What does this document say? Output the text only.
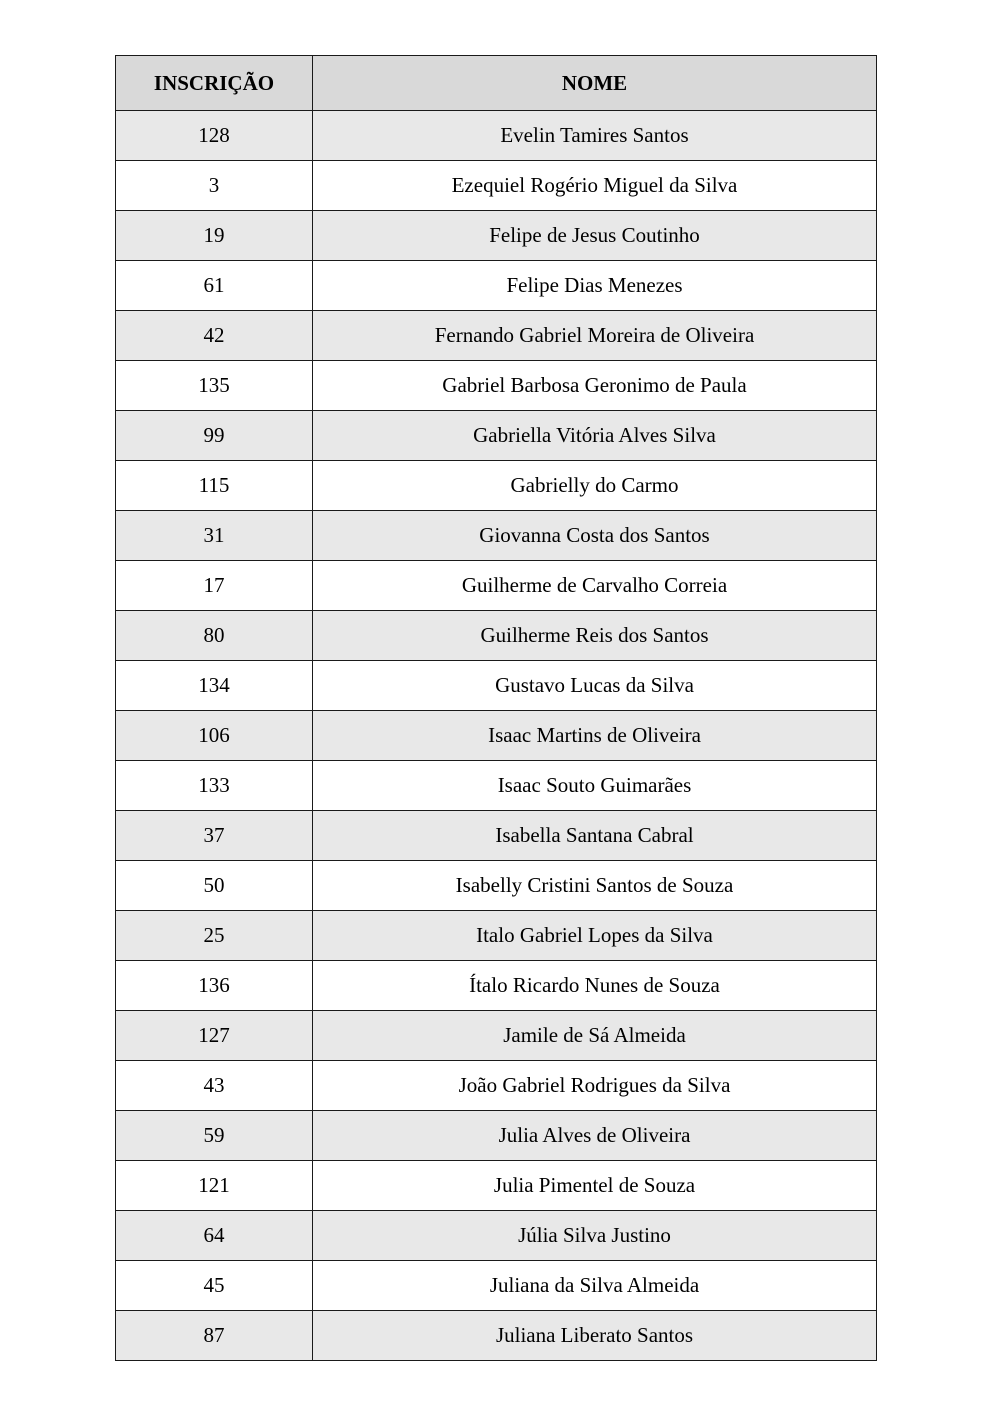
INSCRIÇÃO	NOME
128	Evelin Tamires Santos
3	Ezequiel Rogério Miguel da Silva
19	Felipe de Jesus Coutinho
61	Felipe Dias Menezes
42	Fernando Gabriel Moreira de Oliveira
135	Gabriel Barbosa Geronimo de Paula
99	Gabriella Vitória Alves Silva
115	Gabrielly do Carmo
31	Giovanna Costa dos Santos
17	Guilherme de Carvalho Correia
80	Guilherme Reis dos Santos
134	Gustavo Lucas da Silva
106	Isaac Martins de Oliveira
133	Isaac Souto Guimarães
37	Isabella Santana Cabral
50	Isabelly Cristini Santos de Souza
25	Italo Gabriel Lopes da Silva
136	Ítalo Ricardo Nunes de Souza
127	Jamile de Sá Almeida
43	João Gabriel Rodrigues da Silva
59	Julia Alves de Oliveira
121	Julia Pimentel de Souza
64	Júlia Silva Justino
45	Juliana da Silva Almeida
87	Juliana Liberato Santos
